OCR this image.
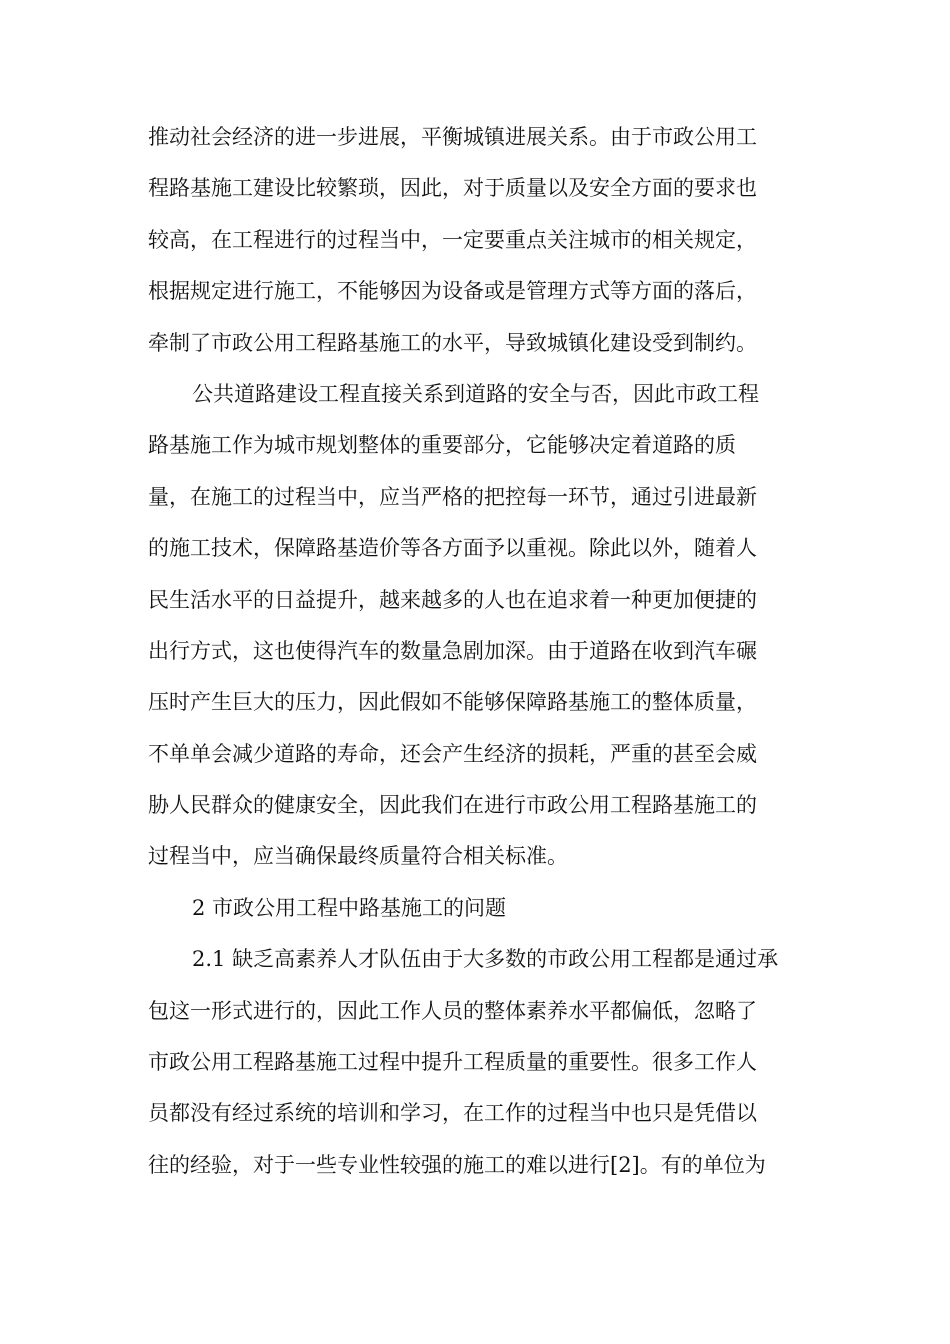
推动社会经济的进一步进展，平衡城镇进展关系。由于市政公用工
程路基施工建设比较繁琐，因此，对于质量以及安全方面的要求也
较高，在工程进行的过程当中，一定要重点关注城市的相关规定，
根据规定进行施工，不能够因为设备或是管理方式等方面的落后，
牵制了市政公用工程路基施工的水平，导致城镇化建设受到制约。
公共道路建设工程直接关系到道路的安全与否，因此市政工程
路基施工作为城市规划整体的重要部分，它能够决定着道路的质
量，在施工的过程当中，应当严格的把控每一环节，通过引进最新
的施工技术，保障路基造价等各方面予以重视。除此以外，随着人
民生活水平的日益提升，越来越多的人也在追求着一种更加便捷的
出行方式，这也使得汽车的数量急剧加深。由于道路在收到汽车碾
压时产生巨大的压力，因此假如不能够保障路基施工的整体质量，
不单单会减少道路的寿命，还会产生经济的损耗，严重的甚至会威
胁人民群众的健康安全，因此我们在进行市政公用工程路基施工的
过程当中，应当确保最终质量符合相关标准。
2 市政公用工程中路基施工的问题
2.1 缺乏高素养人才队伍由于大多数的市政公用工程都是通过承
包这一形式进行的，因此工作人员的整体素养水平都偏低，忽略了
市政公用工程路基施工过程中提升工程质量的重要性。很多工作人
员都没有经过系统的培训和学习，在工作的过程当中也只是凭借以
往的经验，对于一些专业性较强的施工的难以进行[2]。有的单位为
